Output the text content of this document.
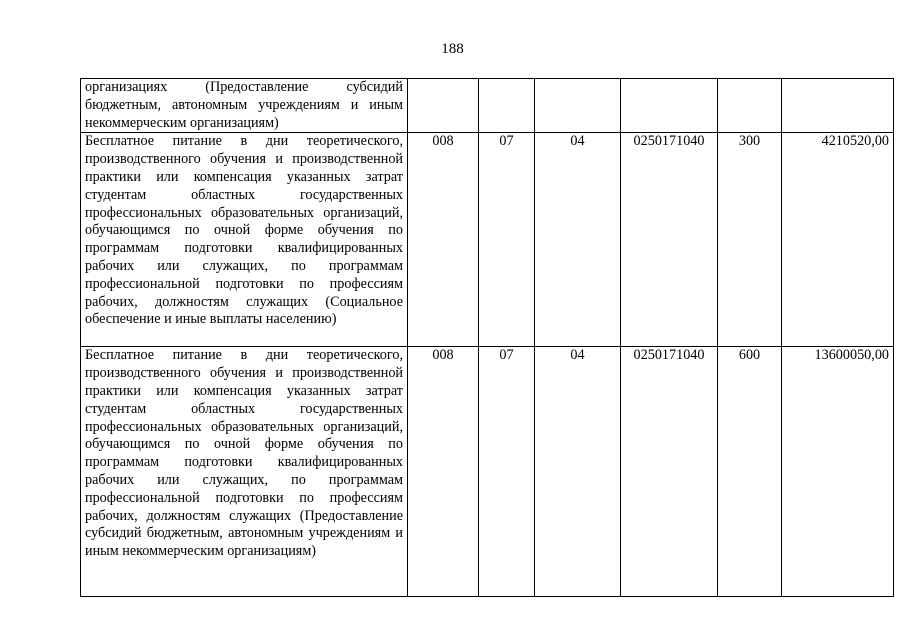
188
организациях (Предоставление субсидий бюджетным, автономным учреждениям и иным некоммерческим организациям)						
Бесплатное питание в дни теоретического, производственного обучения и производственной практики или компенсация указанных затрат студентам областных государственных профессиональных образовательных организаций, обучающимся по очной форме обучения по программам подготовки квалифицированных рабочих или служащих, по программам профессиональной подготовки по профессиям рабочих, должностям служащих (Социальное обеспечение и иные выплаты населению)	008	07	04	0250171040	300	4210520,00
Бесплатное питание в дни теоретического, производственного обучения и производственной практики или компенсация указанных затрат студентам областных государственных профессиональных образовательных организаций, обучающимся по очной форме обучения по программам подготовки квалифицированных рабочих или служащих, по программам профессиональной подготовки по профессиям рабочих, должностям служащих (Предоставление субсидий бюджетным, автономным учреждениям и иным некоммерческим организациям)	008	07	04	0250171040	600	13600050,00
